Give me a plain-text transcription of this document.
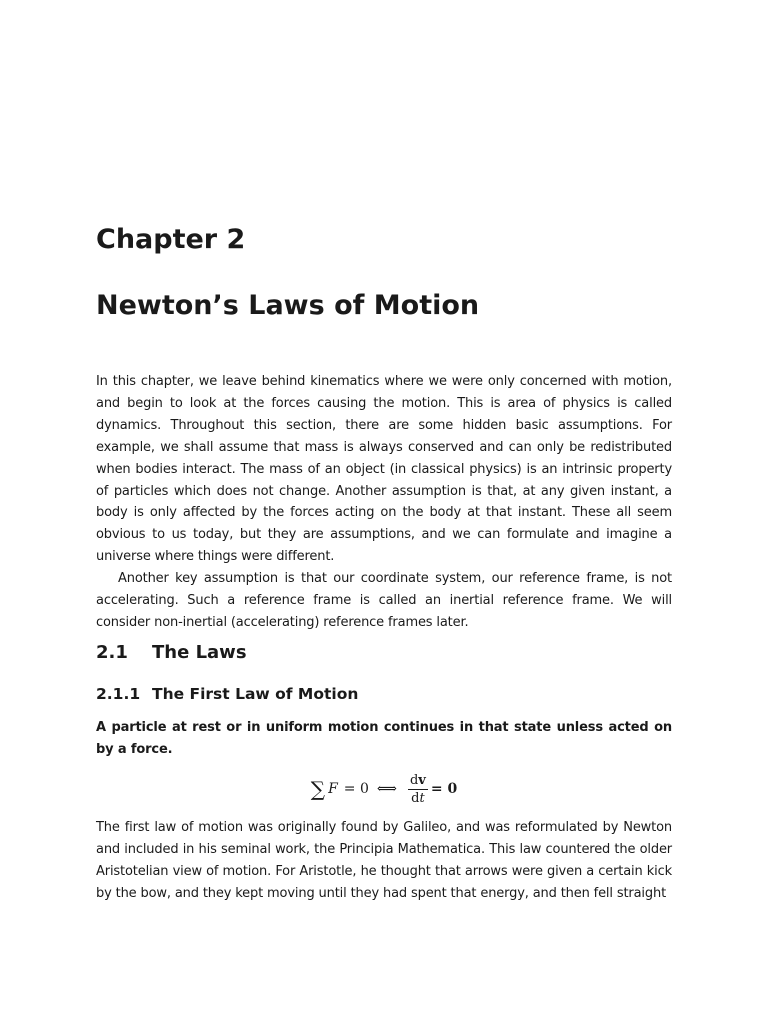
Chapter 2
Newton’s Laws of Motion

In this chapter, we leave behind kinematics where we were only concerned with motion, and begin to look at the forces causing the motion. This is area of physics is called dynamics. Throughout this section, there are some hidden basic assumptions. For example, we shall assume that mass is always conserved and can only be redistributed when bodies interact. The mass of an object (in classical physics) is an intrinsic property of particles which does not change. Another assumption is that, at any given instant, a body is only affected by the forces acting on the body at that instant. These all seem obvious to us today, but they are assumptions, and we can formulate and imagine a universe where things were different.

Another key assumption is that our coordinate system, our reference frame, is not accelerating. Such a reference frame is called an inertial reference frame. We will consider non-inertial (accelerating) reference frames later.

2.1 The Laws
2.1.1 The First Law of Motion

A particle at rest or in uniform motion continues in that state unless acted on by a force.

∑ F = 0 ⟺ $\frac{dv}{dt} = 0$

The first law of motion was originally found by Galileo, and was reformulated by Newton and included in his seminal work, the Principia Mathematica. This law countered the older Aristotelian view of motion. For Aristotle, he thought that arrows were given a certain kick by the bow, and they kept moving until they had spent that energy, and then fell straight
